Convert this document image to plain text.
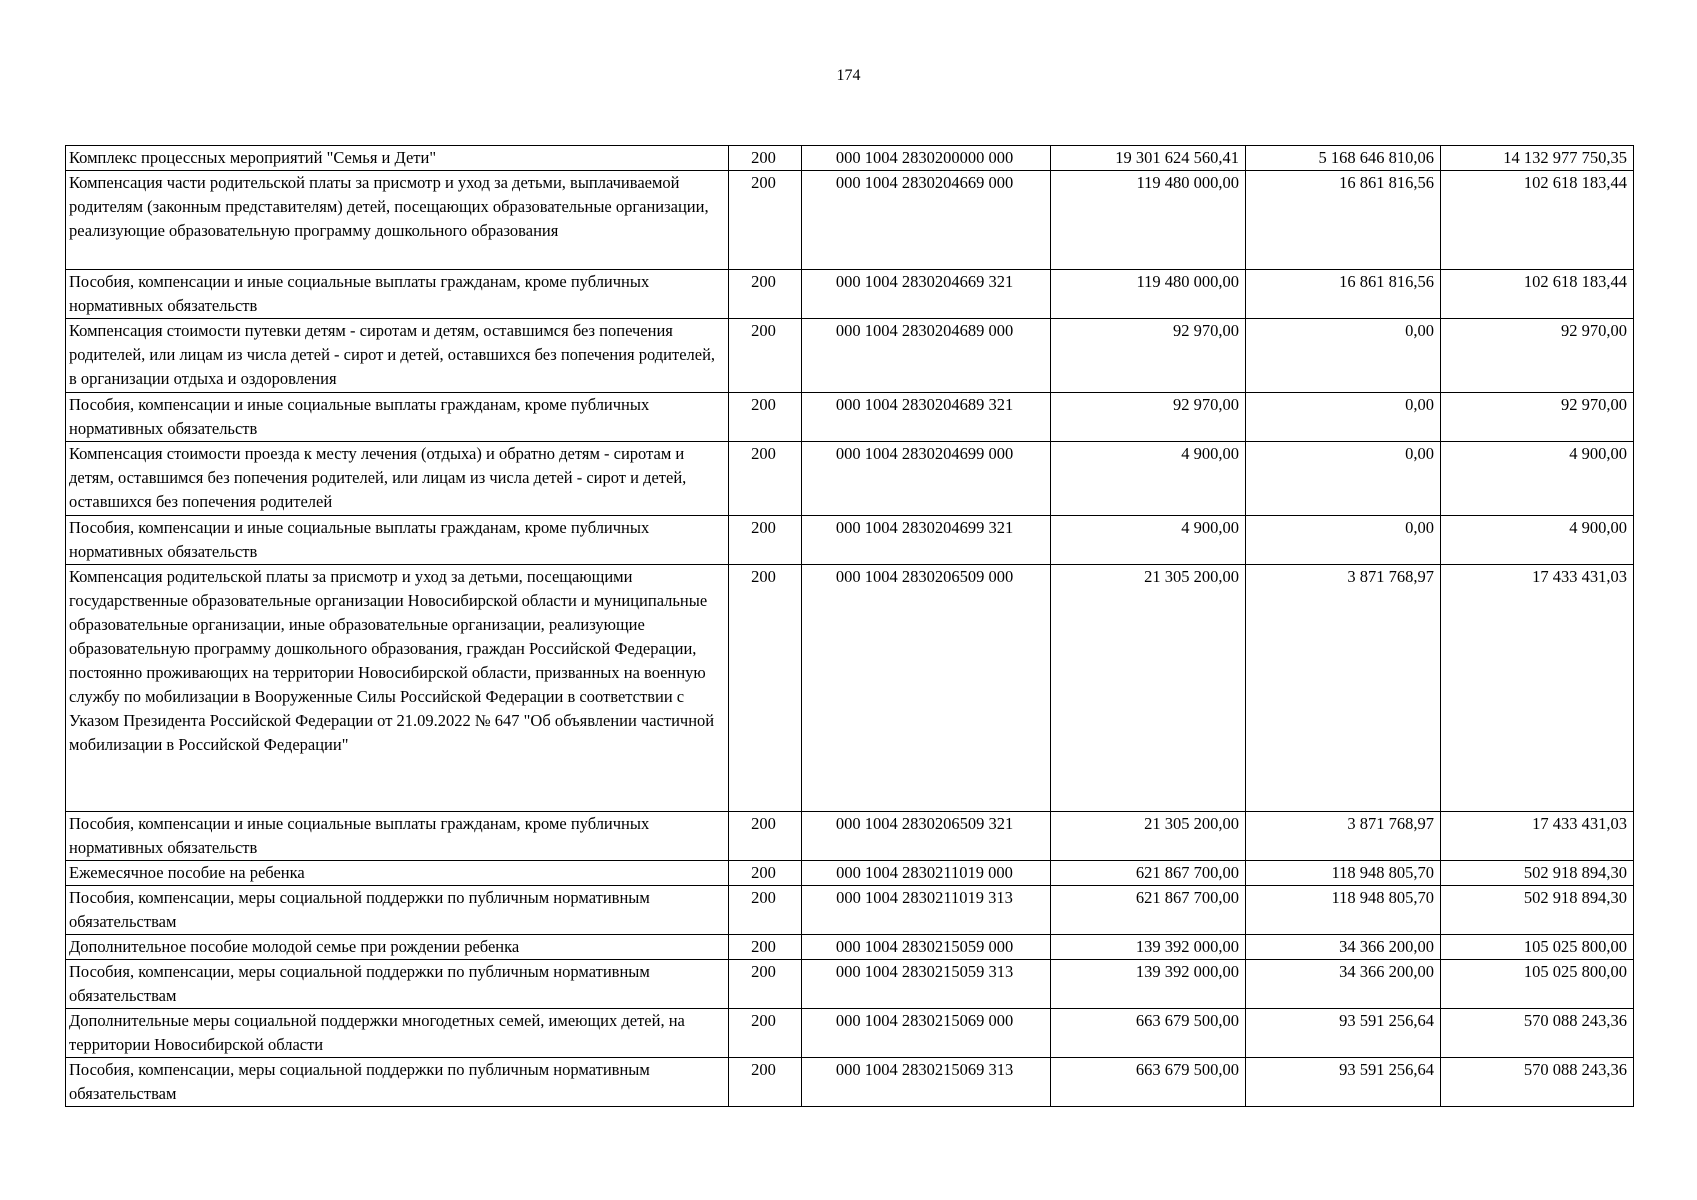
174
Комплекс процессных мероприятий "Семья и Дети"	200	000 1004 2830200000 000	19 301 624 560,41	5 168 646 810,06	14 132 977 750,35
Компенсация части родительской платы за присмотр и уход за детьми, выплачиваемой родителям (законным представителям) детей, посещающих образовательные организации, реализующие образовательную программу дошкольного образования	200	000 1004 2830204669 000	119 480 000,00	16 861 816,56	102 618 183,44
Пособия, компенсации и иные социальные выплаты гражданам, кроме публичных нормативных обязательств	200	000 1004 2830204669 321	119 480 000,00	16 861 816,56	102 618 183,44
Компенсация стоимости путевки детям - сиротам и детям, оставшимся без попечения родителей, или лицам из числа детей - сирот и детей, оставшихся без попечения родителей, в организации отдыха и оздоровления	200	000 1004 2830204689 000	92 970,00	0,00	92 970,00
Пособия, компенсации и иные социальные выплаты гражданам, кроме публичных нормативных обязательств	200	000 1004 2830204689 321	92 970,00	0,00	92 970,00
Компенсация стоимости проезда к месту лечения (отдыха) и обратно детям - сиротам и детям, оставшимся без попечения родителей, или лицам из числа детей - сирот и детей, оставшихся без попечения родителей	200	000 1004 2830204699 000	4 900,00	0,00	4 900,00
Пособия, компенсации и иные социальные выплаты гражданам, кроме публичных нормативных обязательств	200	000 1004 2830204699 321	4 900,00	0,00	4 900,00
Компенсация родительской платы за присмотр и уход за детьми, посещающими государственные образовательные организации Новосибирской области и муниципальные образовательные организации, иные образовательные организации, реализующие образовательную программу дошкольного образования, граждан Российской Федерации, постоянно проживающих на территории Новосибирской области, призванных на военную службу по мобилизации в Вооруженные Силы Российской Федерации в соответствии с Указом Президента Российской Федерации от 21.09.2022 № 647 "Об объявлении частичной мобилизации в Российской Федерации"	200	000 1004 2830206509 000	21 305 200,00	3 871 768,97	17 433 431,03
Пособия, компенсации и иные социальные выплаты гражданам, кроме публичных нормативных обязательств	200	000 1004 2830206509 321	21 305 200,00	3 871 768,97	17 433 431,03
Ежемесячное пособие на ребенка	200	000 1004 2830211019 000	621 867 700,00	118 948 805,70	502 918 894,30
Пособия, компенсации, меры социальной поддержки по публичным нормативным обязательствам	200	000 1004 2830211019 313	621 867 700,00	118 948 805,70	502 918 894,30
Дополнительное пособие молодой семье при рождении ребенка	200	000 1004 2830215059 000	139 392 000,00	34 366 200,00	105 025 800,00
Пособия, компенсации, меры социальной поддержки по публичным нормативным обязательствам	200	000 1004 2830215059 313	139 392 000,00	34 366 200,00	105 025 800,00
Дополнительные меры социальной поддержки многодетных семей, имеющих детей, на территории Новосибирской области	200	000 1004 2830215069 000	663 679 500,00	93 591 256,64	570 088 243,36
Пособия, компенсации, меры социальной поддержки по публичным нормативным обязательствам	200	000 1004 2830215069 313	663 679 500,00	93 591 256,64	570 088 243,36
